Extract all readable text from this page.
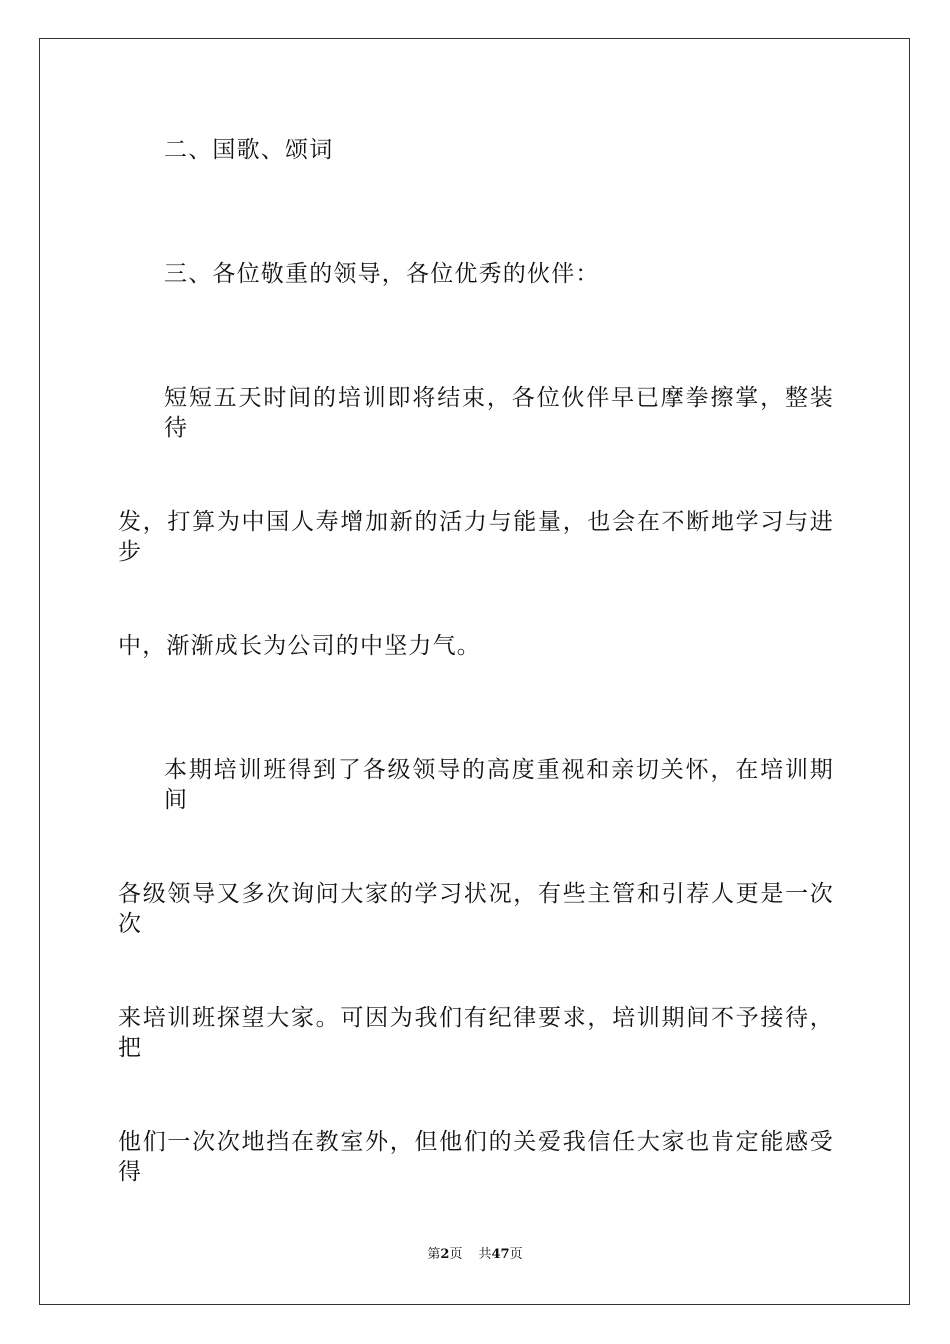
二、国歌、颂词
三、各位敬重的领导，各位优秀的伙伴：
短短五天时间的培训即将结束，各位伙伴早已摩拳擦掌，整装待
发，打算为中国人寿增加新的活力与能量，也会在不断地学习与进步
中，渐渐成长为公司的中坚力气。
本期培训班得到了各级领导的高度重视和亲切关怀，在培训期间
各级领导又多次询问大家的学习状况，有些主管和引荐人更是一次次
来培训班探望大家。可因为我们有纪律要求，培训期间不予接待，把
他们一次次地挡在教室外，但他们的关爱我信任大家也肯定能感受得
第2页 共47页
